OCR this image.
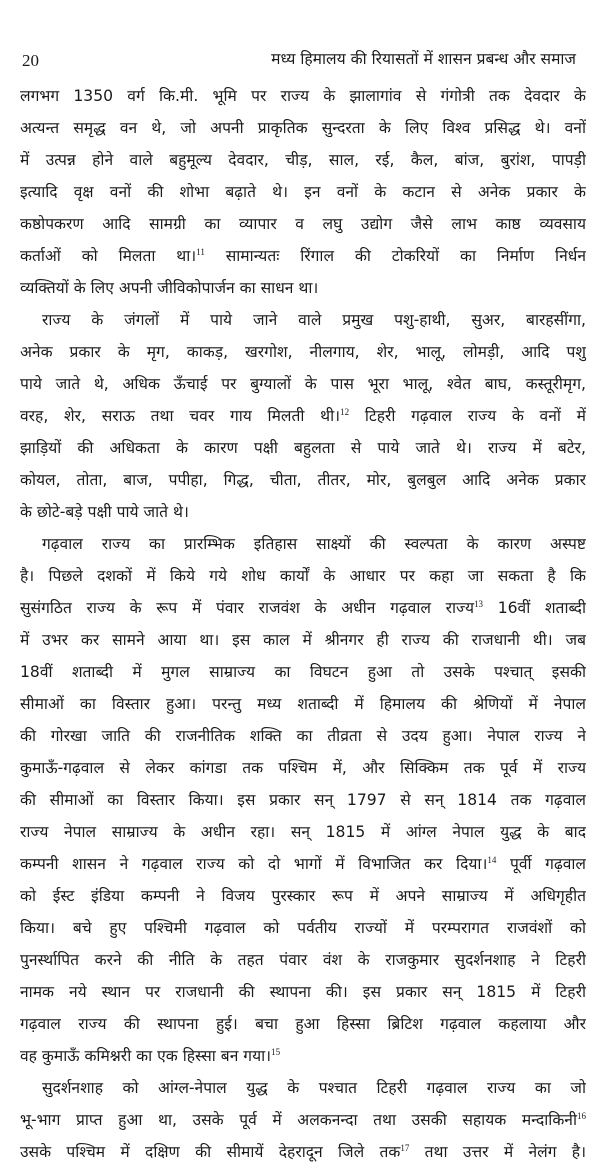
20	मध्य हिमालय की रियासतों में शासन प्रबन्ध और समाज
लगभग 1350 वर्ग कि.मी. भूमि पर राज्य के झालागांव से गंगोत्री तक देवदार के
अत्यन्त समृद्ध वन थे, जो अपनी प्राकृतिक सुन्दरता के लिए विश्व प्रसिद्ध थे। वनों
में उत्पन्न होने वाले बहुमूल्य देवदार, चीड़, साल, रई, कैल, बांज, बुरांश, पापड़ी
इत्यादि वृक्ष वनों की शोभा बढ़ाते थे। इन वनों के कटान से अनेक प्रकार के
कष्ठोपकरण आदि सामग्री का व्यापार व लघु उद्योग जैसे लाभ काष्ठ व्यवसाय
कर्ताओं को मिलता था।$^{11}$ सामान्यतः रिंगाल की टोकरियों का निर्माण निर्धन
व्यक्तियों के लिए अपनी जीविकोपार्जन का साधन था।
राज्य के जंगलों में पाये जाने वाले प्रमुख पशु-हाथी, सुअर, बारहसींगा,
अनेक प्रकार के मृग, काकड़, खरगोश, नीलगाय, शेर, भालू, लोमड़ी, आदि पशु
पाये जाते थे, अधिक ऊँचाई पर बुग्यालों के पास भूरा भालू, श्वेत बाघ, कस्तूरीमृग,
वरह, शेर, सराऊ तथा चवर गाय मिलती थी।$^{12}$ टिहरी गढ़वाल राज्य के वनों में
झाड़ियों की अधिकता के कारण पक्षी बहुलता से पाये जाते थे। राज्य में बटेर,
कोयल, तोता, बाज, पपीहा, गिद्ध, चीता, तीतर, मोर, बुलबुल आदि अनेक प्रकार
के छोटे-बड़े पक्षी पाये जाते थे।
गढ़वाल राज्य का प्रारम्भिक इतिहास साक्ष्यों की स्वल्पता के कारण अस्पष्ट
है। पिछले दशकों में किये गये शोध कार्यों के आधार पर कहा जा सकता है कि
सुसंगठित राज्य के रूप में पंवार राजवंश के अधीन गढ़वाल राज्य$^{13}$ 16वीं शताब्दी
में उभर कर सामने आया था। इस काल में श्रीनगर ही राज्य की राजधानी थी। जब
18वीं शताब्दी में मुगल साम्राज्य का विघटन हुआ तो उसके पश्चात् इसकी
सीमाओं का विस्तार हुआ। परन्तु मध्य शताब्दी में हिमालय की श्रेणियों में नेपाल
की गोरखा जाति की राजनीतिक शक्ति का तीव्रता से उदय हुआ। नेपाल राज्य ने
कुमाऊँ-गढ़वाल से लेकर कांगडा तक पश्चिम में, और सिक्किम तक पूर्व में राज्य
की सीमाओं का विस्तार किया। इस प्रकार सन् 1797 से सन् 1814 तक गढ़वाल
राज्य नेपाल साम्राज्य के अधीन रहा। सन् 1815 में आंग्ल नेपाल युद्ध के बाद
कम्पनी शासन ने गढ़वाल राज्य को दो भागों में विभाजित कर दिया।$^{14}$ पूर्वी गढ़वाल
को ईस्ट इंडिया कम्पनी ने विजय पुरस्कार रूप में अपने साम्राज्य में अधिगृहीत
किया। बचे हुए पश्चिमी गढ़वाल को पर्वतीय राज्यों में परम्परागत राजवंशों को
पुनर्स्थापित करने की नीति के तहत पंवार वंश के राजकुमार सुदर्शनशाह ने टिहरी
नामक नये स्थान पर राजधानी की स्थापना की। इस प्रकार सन् 1815 में टिहरी
गढ़वाल राज्य की स्थापना हुई। बचा हुआ हिस्सा ब्रिटिश गढ़वाल कहलाया और
वह कुमाऊँ कमिश्नरी का एक हिस्सा बन गया।$^{15}$
सुदर्शनशाह को आंग्ल-नेपाल युद्ध के पश्चात टिहरी गढ़वाल राज्य का जो
भू-भाग प्राप्त हुआ था, उसके पूर्व में अलकनन्दा तथा उसकी सहायक मन्दाकिनी$^{16}$
उसके पश्चिम में दक्षिण की सीमायें देहरादून जिले तक$^{17}$ तथा उत्तर में नेलंग है।
